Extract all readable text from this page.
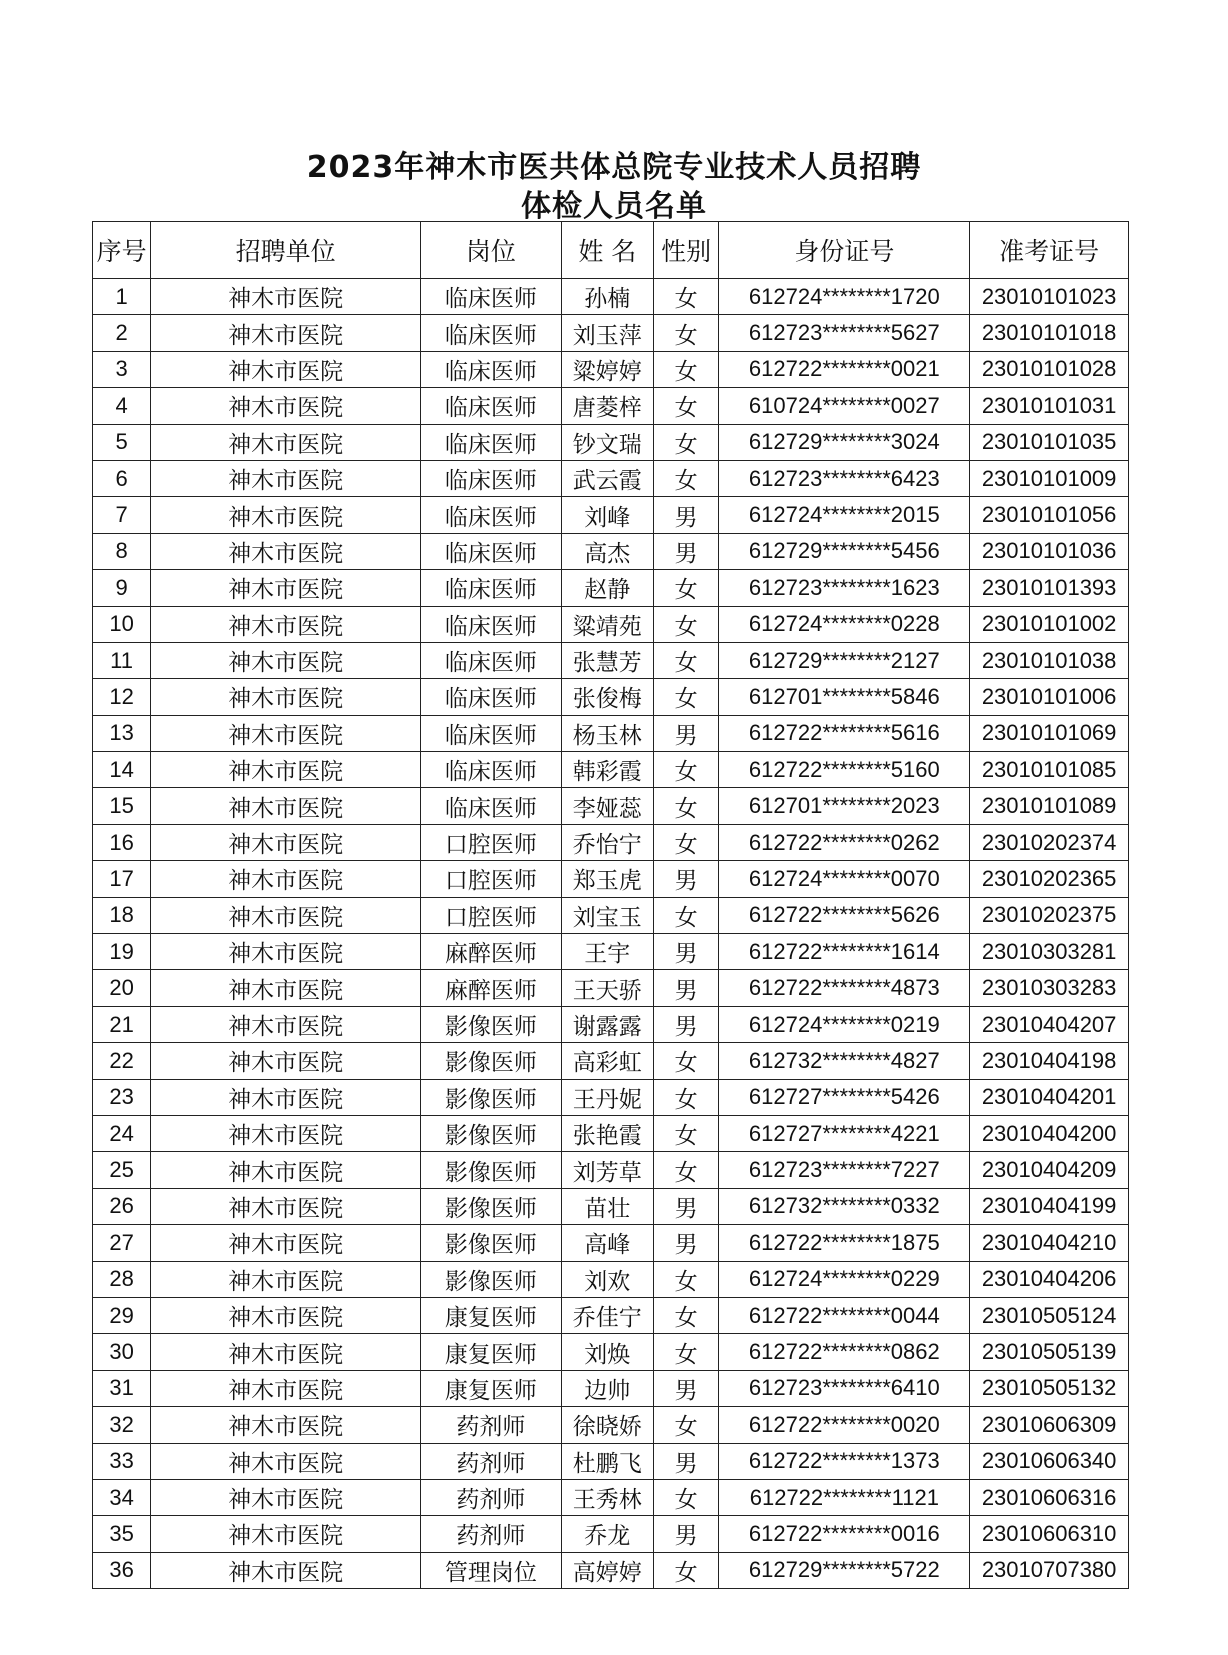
2023年神木市医共体总院专业技术人员招聘
体检人员名单
序号	招聘单位	岗位	姓 名	性别	身份证号	准考证号
1	神木市医院	临床医师	孙楠	女	612724********1720	23010101023
2	神木市医院	临床医师	刘玉萍	女	612723********5627	23010101018
3	神木市医院	临床医师	粱婷婷	女	612722********0021	23010101028
4	神木市医院	临床医师	唐菱梓	女	610724********0027	23010101031
5	神木市医院	临床医师	钞文瑞	女	612729********3024	23010101035
6	神木市医院	临床医师	武云霞	女	612723********6423	23010101009
7	神木市医院	临床医师	刘峰	男	612724********2015	23010101056
8	神木市医院	临床医师	高杰	男	612729********5456	23010101036
9	神木市医院	临床医师	赵静	女	612723********1623	23010101393
10	神木市医院	临床医师	粱靖苑	女	612724********0228	23010101002
11	神木市医院	临床医师	张慧芳	女	612729********2127	23010101038
12	神木市医院	临床医师	张俊梅	女	612701********5846	23010101006
13	神木市医院	临床医师	杨玉林	男	612722********5616	23010101069
14	神木市医院	临床医师	韩彩霞	女	612722********5160	23010101085
15	神木市医院	临床医师	李娅蕊	女	612701********2023	23010101089
16	神木市医院	口腔医师	乔怡宁	女	612722********0262	23010202374
17	神木市医院	口腔医师	郑玉虎	男	612724********0070	23010202365
18	神木市医院	口腔医师	刘宝玉	女	612722********5626	23010202375
19	神木市医院	麻醉医师	王宇	男	612722********1614	23010303281
20	神木市医院	麻醉医师	王天骄	男	612722********4873	23010303283
21	神木市医院	影像医师	谢露露	男	612724********0219	23010404207
22	神木市医院	影像医师	高彩虹	女	612732********4827	23010404198
23	神木市医院	影像医师	王丹妮	女	612727********5426	23010404201
24	神木市医院	影像医师	张艳霞	女	612727********4221	23010404200
25	神木市医院	影像医师	刘芳草	女	612723********7227	23010404209
26	神木市医院	影像医师	苗壮	男	612732********0332	23010404199
27	神木市医院	影像医师	高峰	男	612722********1875	23010404210
28	神木市医院	影像医师	刘欢	女	612724********0229	23010404206
29	神木市医院	康复医师	乔佳宁	女	612722********0044	23010505124
30	神木市医院	康复医师	刘焕	女	612722********0862	23010505139
31	神木市医院	康复医师	边帅	男	612723********6410	23010505132
32	神木市医院	药剂师	徐晓娇	女	612722********0020	23010606309
33	神木市医院	药剂师	杜鹏飞	男	612722********1373	23010606340
34	神木市医院	药剂师	王秀林	女	612722********1121	23010606316
35	神木市医院	药剂师	乔龙	男	612722********0016	23010606310
36	神木市医院	管理岗位	高婷婷	女	612729********5722	23010707380
